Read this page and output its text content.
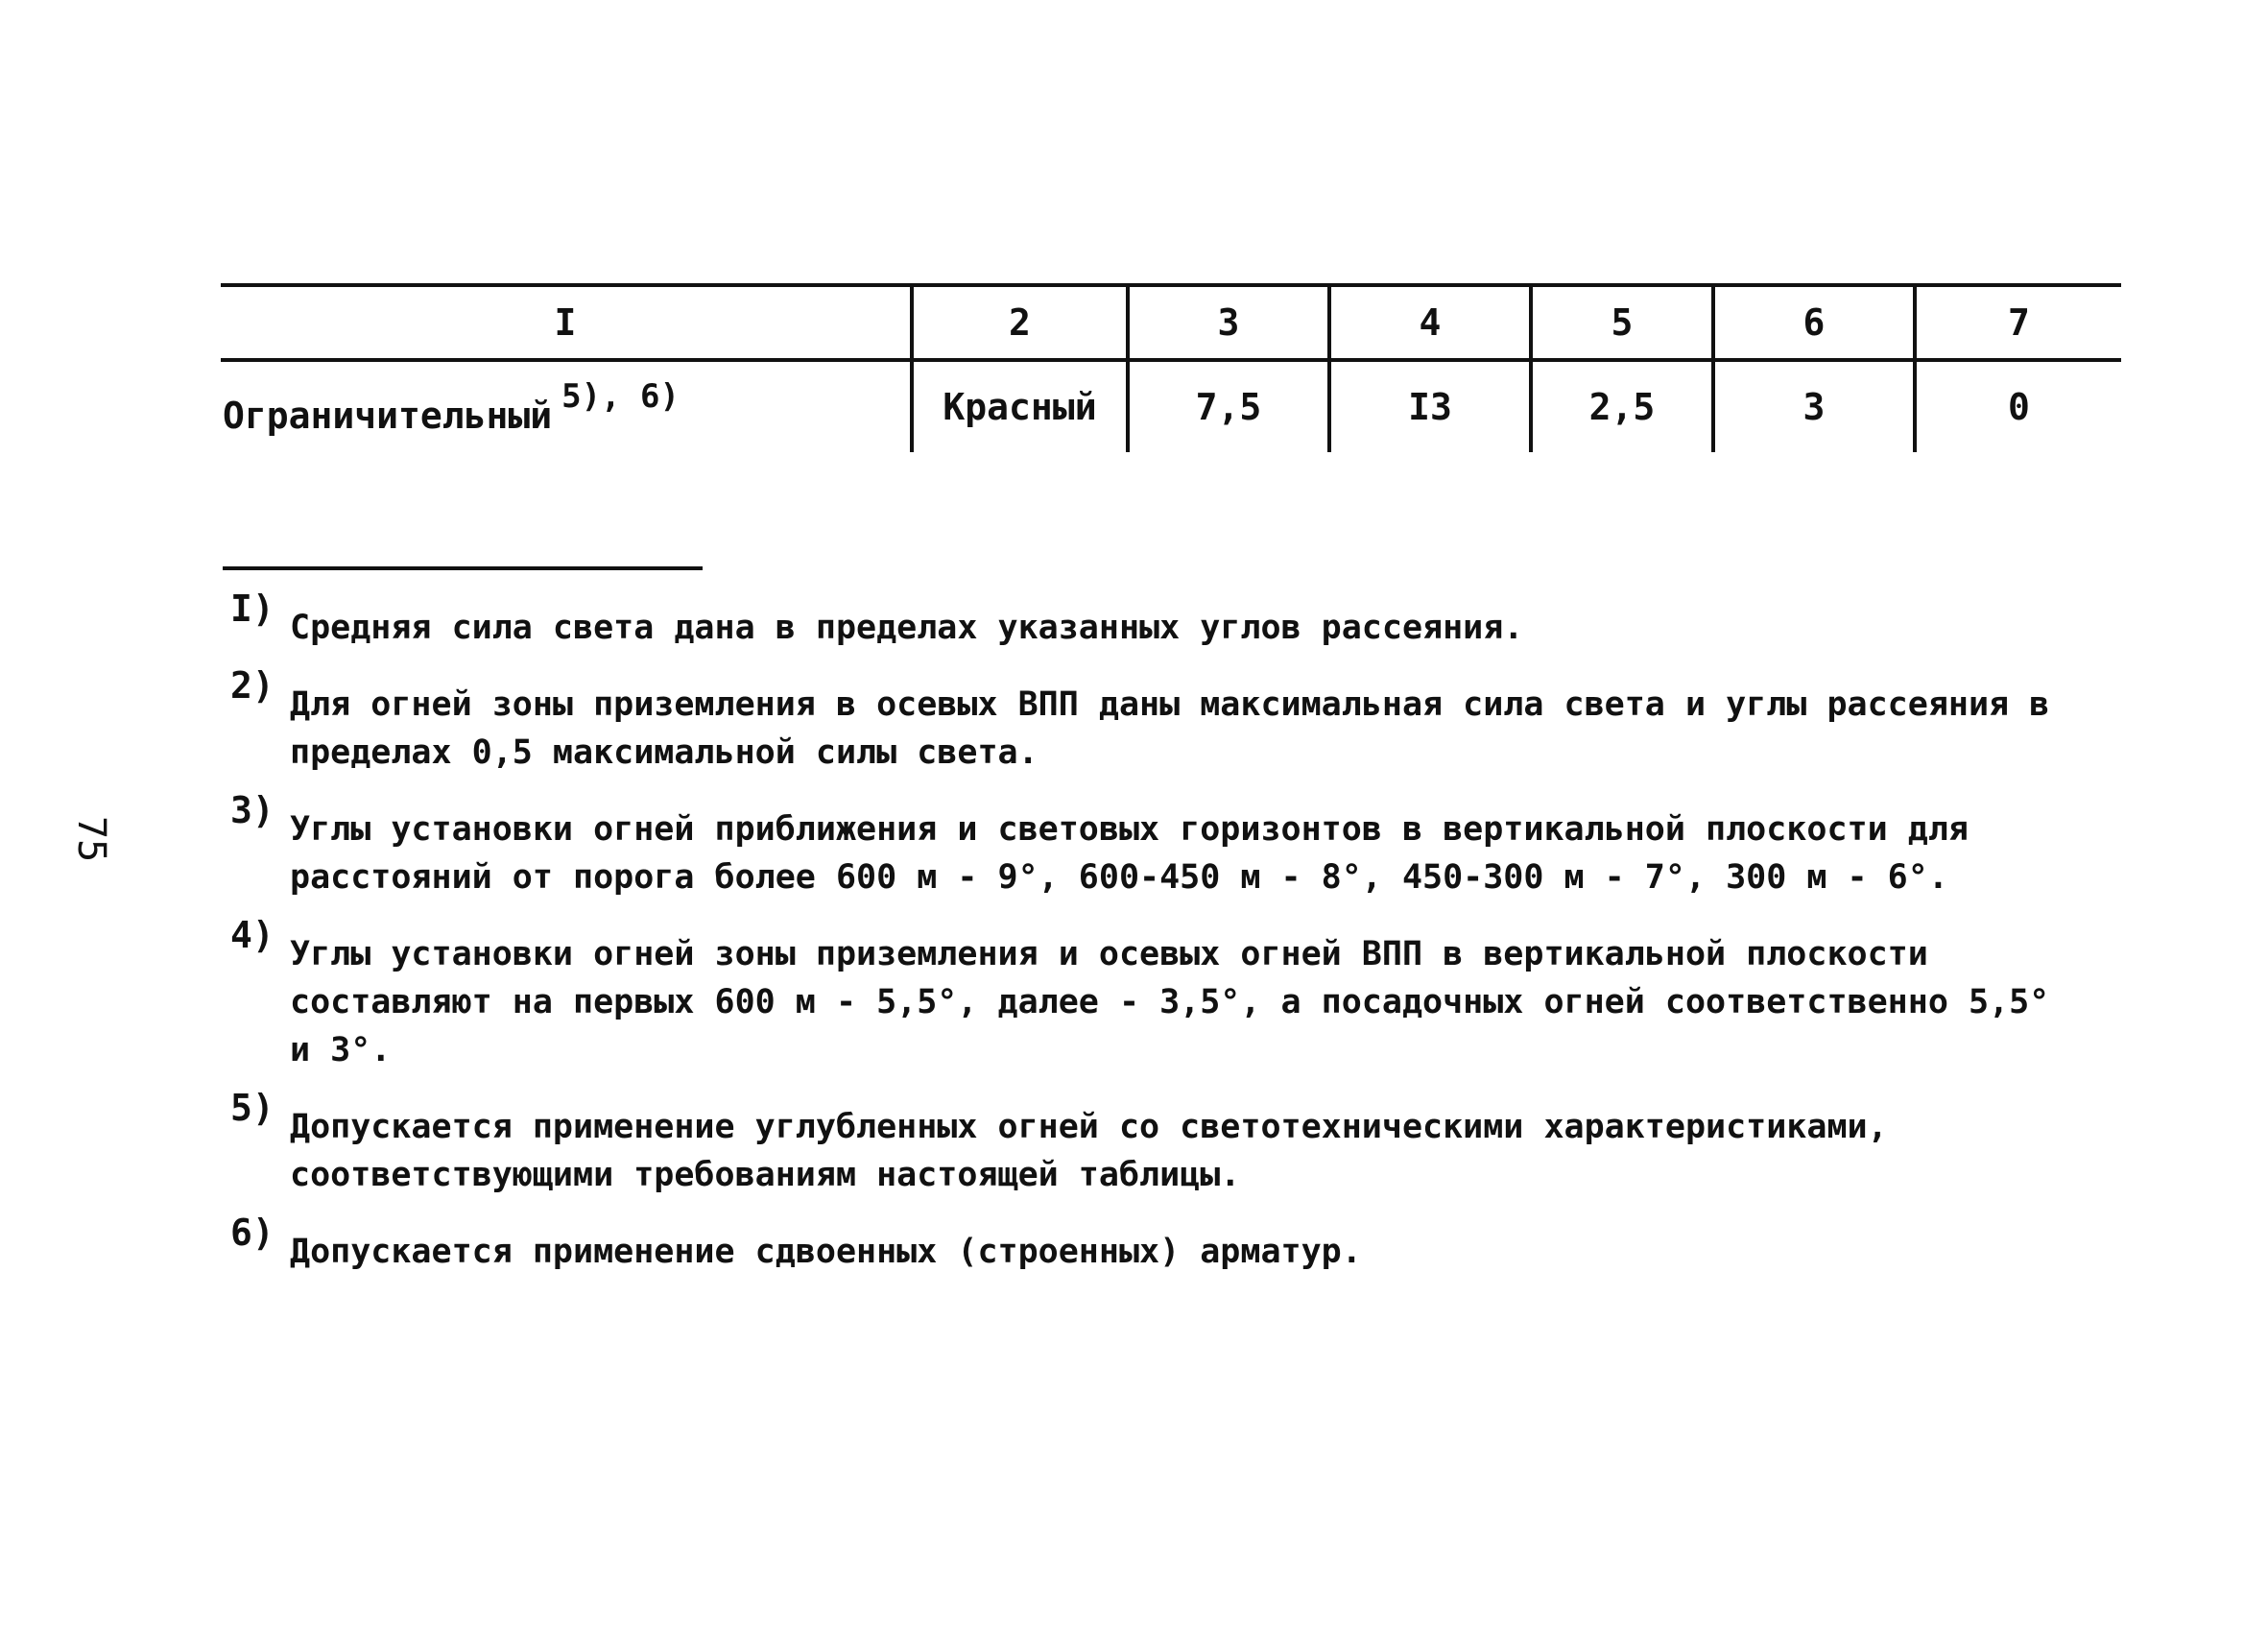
75
I	2	3	4	5	6	7
Ограничительный $^{5), 6)}$	Красный	7,5	I3	2,5	3	0
I) Средняя сила света дана в пределах указанных углов рассеяния.
2) Для огней зоны приземления в осевых ВПП даны максимальная сила света и углы рассеяния в пределах 0,5 максимальной силы света.
3) Углы установки огней приближения и световых горизонтов в вертикальной плоскости для расстояний от порога более 600 м - 9°, 600-450 м - 8°, 450-300 м - 7°, 300 м - 6°.
4) Углы установки огней зоны приземления и осевых огней ВПП в вертикальной плоскости составляют на первых 600 м - 5,5°, далее - 3,5°, а посадочных огней соответственно 5,5° и 3°.
5) Допускается применение углубленных огней со светотехническими характеристиками, соответствующими требованиям настоящей таблицы.
6) Допускается применение сдвоенных (строенных) арматур.
